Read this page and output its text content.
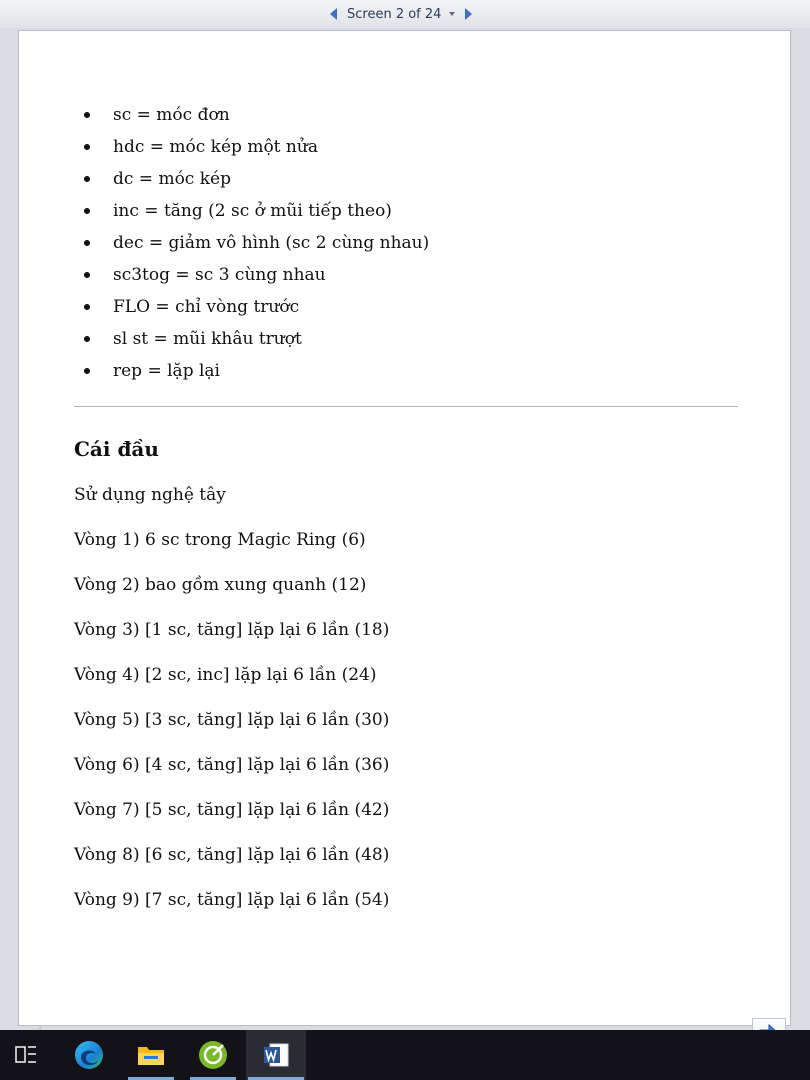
Screen 2 of 24
sc = móc đơn
hdc = móc kép một nửa
dc = móc kép
inc = tăng (2 sc ở mũi tiếp theo)
dec = giảm vô hình (sc 2 cùng nhau)
sc3tog = sc 3 cùng nhau
FLO = chỉ vòng trước
sl st = mũi khâu trượt
rep = lặp lại
Cái đầu
Sử dụng nghệ tây
Vòng 1) 6 sc trong Magic Ring (6)
Vòng 2) bao gồm xung quanh (12)
Vòng 3) [1 sc, tăng] lặp lại 6 lần (18)
Vòng 4) [2 sc, inc] lặp lại 6 lần (24)
Vòng 5) [3 sc, tăng] lặp lại 6 lần (30)
Vòng 6) [4 sc, tăng] lặp lại 6 lần (36)
Vòng 7) [5 sc, tăng] lặp lại 6 lần (42)
Vòng 8) [6 sc, tăng] lặp lại 6 lần (48)
Vòng 9) [7 sc, tăng] lặp lại 6 lần (54)
